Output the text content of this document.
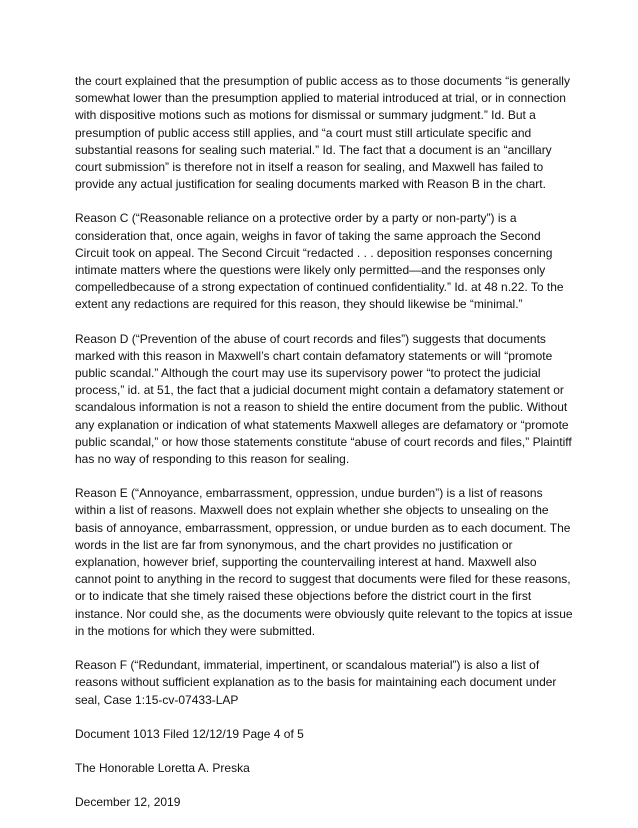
the court explained that the presumption of public access as to those documents “is generally somewhat lower than the presumption applied to material introduced at trial, or in connection with dispositive motions such as motions for dismissal or summary judgment.” Id. But a presumption of public access still applies, and “a court must still articulate specific and substantial reasons for sealing such material.” Id. The fact that a document is an “ancillary court submission” is therefore not in itself a reason for sealing, and Maxwell has failed to provide any actual justification for sealing documents marked with Reason B in the chart.

Reason C (“Reasonable reliance on a protective order by a party or non-party”) is a consideration that, once again, weighs in favor of taking the same approach the Second Circuit took on appeal. The Second Circuit “redacted . . . deposition responses concerning intimate matters where the questions were likely only permitted—and the responses only compelledbecause of a strong expectation of continued confidentiality.” Id. at 48 n.22. To the extent any redactions are required for this reason, they should likewise be “minimal.”

Reason D (“Prevention of the abuse of court records and files”) suggests that documents marked with this reason in Maxwell’s chart contain defamatory statements or will “promote public scandal.” Although the court may use its supervisory power “to protect the judicial process,” id. at 51, the fact that a judicial document might contain a defamatory statement or scandalous information is not a reason to shield the entire document from the public. Without any explanation or indication of what statements Maxwell alleges are defamatory or “promote public scandal,” or how those statements constitute “abuse of court records and files,” Plaintiff has no way of responding to this reason for sealing.

Reason E (“Annoyance, embarrassment, oppression, undue burden”) is a list of reasons within a list of reasons. Maxwell does not explain whether she objects to unsealing on the basis of annoyance, embarrassment, oppression, or undue burden as to each document. The words in the list are far from synonymous, and the chart provides no justification or explanation, however brief, supporting the countervailing interest at hand. Maxwell also cannot point to anything in the record to suggest that documents were filed for these reasons, or to indicate that she timely raised these objections before the district court in the first instance. Nor could she, as the documents were obviously quite relevant to the topics at issue in the motions for which they were submitted.

Reason F (“Redundant, immaterial, impertinent, or scandalous material”) is also a list of reasons without sufficient explanation as to the basis for maintaining each document under seal, Case 1:15-cv-07433-LAP

Document 1013 Filed 12/12/19 Page 4 of 5

The Honorable Loretta A. Preska

December 12, 2019
